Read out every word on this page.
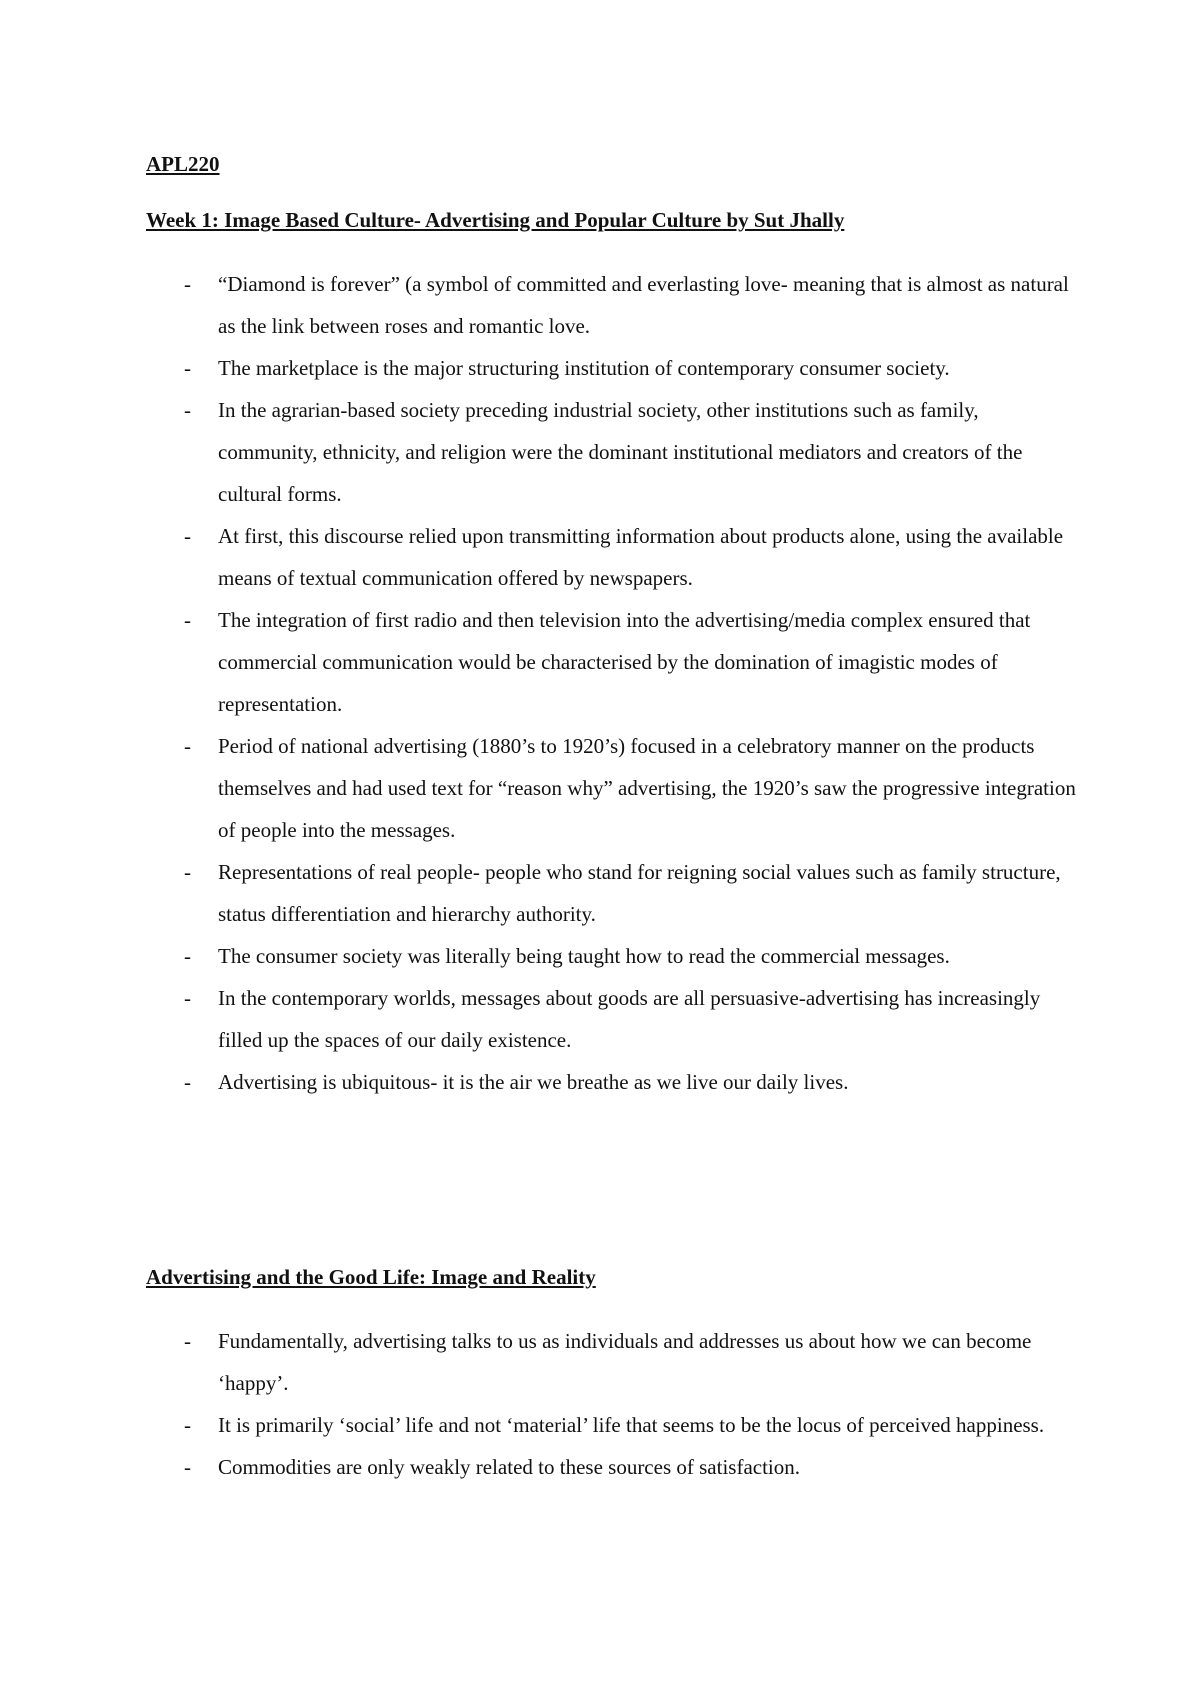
APL220
Week 1: Image Based Culture- Advertising and Popular Culture by Sut Jhally
-	“Diamond is forever” (a symbol of committed and everlasting love- meaning that is almost as natural as the link between roses and romantic love.
-	The marketplace is the major structuring institution of contemporary consumer society.
-	In the agrarian-based society preceding industrial society, other institutions such as family, community, ethnicity, and religion were the dominant institutional mediators and creators of the cultural forms.
-	At first, this discourse relied upon transmitting information about products alone, using the available means of textual communication offered by newspapers.
-	The integration of first radio and then television into the advertising/media complex ensured that commercial communication would be characterised by the domination of imagistic modes of representation.
-	Period of national advertising (1880’s to 1920’s) focused in a celebratory manner on the products themselves and had used text for “reason why” advertising, the 1920’s saw the progressive integration of people into the messages.
-	Representations of real people- people who stand for reigning social values such as family structure, status differentiation and hierarchy authority.
-	The consumer society was literally being taught how to read the commercial messages.
-	In the contemporary worlds, messages about goods are all persuasive-advertising has increasingly filled up the spaces of our daily existence.
-	Advertising is ubiquitous- it is the air we breathe as we live our daily lives.
Advertising and the Good Life: Image and Reality
-	Fundamentally, advertising talks to us as individuals and addresses us about how we can become ‘happy’.
-	It is primarily ‘social’ life and not ‘material’ life that seems to be the locus of perceived happiness.
-	Commodities are only weakly related to these sources of satisfaction.
